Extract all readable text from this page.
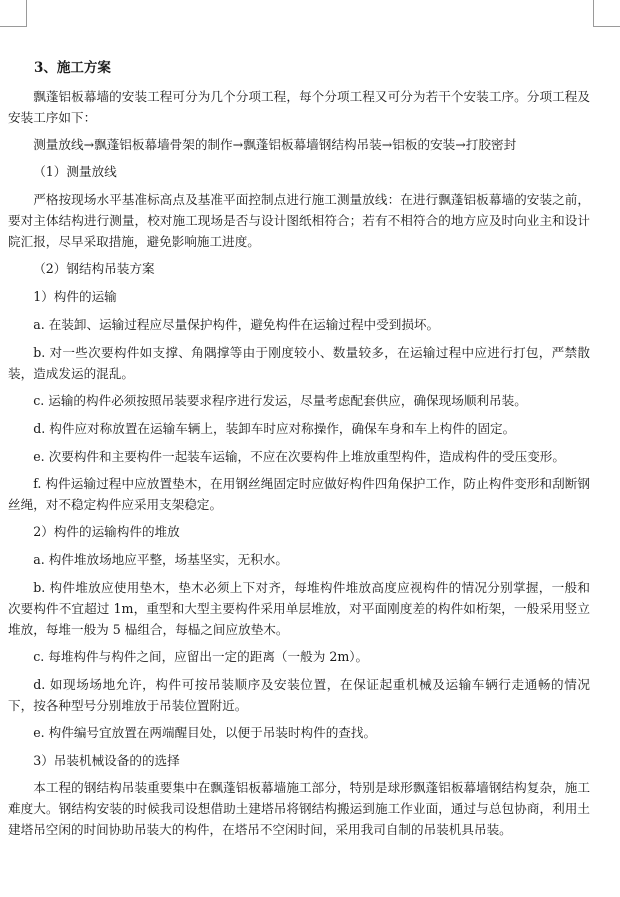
3、施工方案

飘蓬铝板幕墙的安装工程可分为几个分项工程，每个分项工程又可分为若干个安装工序。分项工程及安装工序如下：

测量放线→飘蓬铝板幕墙骨架的制作→飘蓬铝板幕墙钢结构吊装→铝板的安装→打胶密封

（1）测量放线

严格按现场水平基准标高点及基准平面控制点进行施工测量放线：在进行飘蓬铝板幕墙的安装之前，要对主体结构进行测量，校对施工现场是否与设计图纸相符合；若有不相符合的地方应及时向业主和设计院汇报，尽早采取措施，避免影响施工进度。

（2）钢结构吊装方案

1）构件的运输

a. 在装卸、运输过程应尽量保护构件，避免构件在运输过程中受到损坏。

b. 对一些次要构件如支撑、角隅撑等由于刚度较小、数量较多，在运输过程中应进行打包，严禁散装，造成发运的混乱。

c. 运输的构件必须按照吊装要求程序进行发运，尽量考虑配套供应，确保现场顺利吊装。

d. 构件应对称放置在运输车辆上，装卸车时应对称操作，确保车身和车上构件的固定。

e. 次要构件和主要构件一起装车运输，不应在次要构件上堆放重型构件，造成构件的受压变形。

f. 构件运输过程中应放置垫木，在用钢丝绳固定时应做好构件四角保护工作，防止构件变形和刮断钢丝绳，对不稳定构件应采用支架稳定。

2）构件的运输构件的堆放

a. 构件堆放场地应平整，场基坚实，无积水。

b. 构件堆放应使用垫木，垫木必须上下对齐，每堆构件堆放高度应视构件的情况分别掌握，一般和次要构件不宜超过 1m，重型和大型主要构件采用单层堆放，对平面刚度差的构件如桁架，一般采用竖立堆放，每堆一般为 5 榀组合，每榀之间应放垫木。

c. 每堆构件与构件之间，应留出一定的距离（一般为 2m）。

d. 如现场场地允许，构件可按吊装顺序及安装位置，在保证起重机械及运输车辆行走通畅的情况下，按各种型号分别堆放于吊装位置附近。

e. 构件编号宜放置在两端醒目处，以便于吊装时构件的查找。

3）吊装机械设备的的选择

本工程的钢结构吊装重要集中在飘蓬铝板幕墙施工部分，特别是球形飘蓬铝板幕墙钢结构复杂，施工难度大。钢结构安装的时候我司设想借助土建塔吊将钢结构搬运到施工作业面，通过与总包协商，利用土建塔吊空闲的时间协助吊装大的构件，在塔吊不空闲时间，采用我司自制的吊装机具吊装。
